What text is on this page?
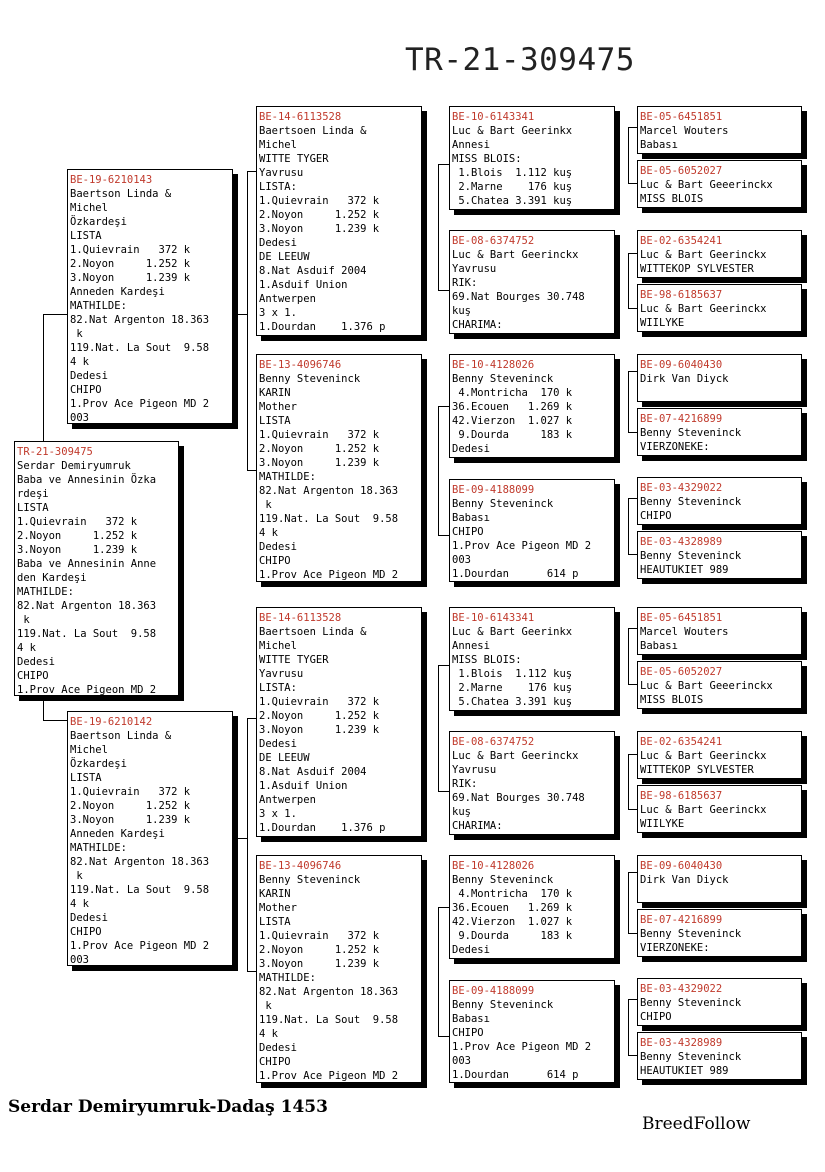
TR-21-309475
TR-21-309475
Serdar Demiryumruk
Baba ve Annesinin Özka
rdeşi
LISTA
1.Quievrain   372 k
2.Noyon     1.252 k
3.Noyon     1.239 k
Baba ve Annesinin Anne
den Kardeşi
MATHILDE:
82.Nat Argenton 18.363
k
119.Nat. La Sout  9.58
4 k
Dedesi
CHIPO
1.Prov Ace Pigeon MD 2
BE-19-6210143
Baertson Linda &
Michel
Özkardeşi
LISTA
1.Quievrain   372 k
2.Noyon     1.252 k
3.Noyon     1.239 k
Anneden Kardeşi
MATHILDE:
82.Nat Argenton 18.363
k
119.Nat. La Sout  9.58
4 k
Dedesi
CHIPO
1.Prov Ace Pigeon MD 2
003
BE-19-6210142
Baertson Linda &
Michel
Özkardeşi
LISTA
1.Quievrain   372 k
2.Noyon     1.252 k
3.Noyon     1.239 k
Anneden Kardeşi
MATHILDE:
82.Nat Argenton 18.363
k
119.Nat. La Sout  9.58
4 k
Dedesi
CHIPO
1.Prov Ace Pigeon MD 2
003
BE-14-6113528
Baertsoen Linda &
Michel
WITTE TYGER
Yavrusu
LISTA:
1.Quievrain   372 k
2.Noyon     1.252 k
3.Noyon     1.239 k
Dedesi
DE LEEUW
8.Nat Asduif 2004
1.Asduif Union
Antwerpen
3 x 1.
1.Dourdan    1.376 p
BE-13-4096746
Benny Steveninck
KARIN
Mother
LISTA
1.Quievrain   372 k
2.Noyon     1.252 k
3.Noyon     1.239 k
MATHILDE:
82.Nat Argenton 18.363
k
119.Nat. La Sout  9.58
4 k
Dedesi
CHIPO
1.Prov Ace Pigeon MD 2
BE-14-6113528
Baertsoen Linda &
Michel
WITTE TYGER
Yavrusu
LISTA:
1.Quievrain   372 k
2.Noyon     1.252 k
3.Noyon     1.239 k
Dedesi
DE LEEUW
8.Nat Asduif 2004
1.Asduif Union
Antwerpen
3 x 1.
1.Dourdan    1.376 p
BE-13-4096746
Benny Steveninck
KARIN
Mother
LISTA
1.Quievrain   372 k
2.Noyon     1.252 k
3.Noyon     1.239 k
MATHILDE:
82.Nat Argenton 18.363
k
119.Nat. La Sout  9.58
4 k
Dedesi
CHIPO
1.Prov Ace Pigeon MD 2
BE-10-6143341
Luc & Bart Geerinkx
Annesi
MISS BLOIS:
1.Blois  1.112 kuş
2.Marne    176 kuş
5.Chatea 3.391 kuş
BE-08-6374752
Luc & Bart Geerinckx
Yavrusu
RIK:
69.Nat Bourges 30.748
kuş
CHARIMA:
BE-10-4128026
Benny Steveninck
4.Montricha  170 k
36.Ecouen   1.269 k
42.Vierzon  1.027 k
9.Dourda     183 k
Dedesi
BE-09-4188099
Benny Steveninck
Babası
CHIPO
1.Prov Ace Pigeon MD 2
003
1.Dourdan      614 p
BE-10-6143341
Luc & Bart Geerinkx
Annesi
MISS BLOIS:
1.Blois  1.112 kuş
2.Marne    176 kuş
5.Chatea 3.391 kuş
BE-08-6374752
Luc & Bart Geerinckx
Yavrusu
RIK:
69.Nat Bourges 30.748
kuş
CHARIMA:
BE-10-4128026
Benny Steveninck
4.Montricha  170 k
36.Ecouen   1.269 k
42.Vierzon  1.027 k
9.Dourda     183 k
Dedesi
BE-09-4188099
Benny Steveninck
Babası
CHIPO
1.Prov Ace Pigeon MD 2
003
1.Dourdan      614 p
BE-05-6451851
Marcel Wouters
Babası
BE-05-6052027
Luc & Bart Geeerinckx
MISS BLOIS
BE-02-6354241
Luc & Bart Geerinckx
WITTEKOP SYLVESTER
BE-98-6185637
Luc & Bart Geerinckx
WIILYKE
BE-09-6040430
Dirk Van Diyck
BE-07-4216899
Benny Steveninck
VIERZONEKE:
BE-03-4329022
Benny Steveninck
CHIPO
BE-03-4328989
Benny Steveninck
HEAUTUKIET 989
BE-05-6451851
Marcel Wouters
Babası
BE-05-6052027
Luc & Bart Geeerinckx
MISS BLOIS
BE-02-6354241
Luc & Bart Geerinckx
WITTEKOP SYLVESTER
BE-98-6185637
Luc & Bart Geerinckx
WIILYKE
BE-09-6040430
Dirk Van Diyck
BE-07-4216899
Benny Steveninck
VIERZONEKE:
BE-03-4329022
Benny Steveninck
CHIPO
BE-03-4328989
Benny Steveninck
HEAUTUKIET 989
Serdar Demiryumruk-Dadaş 1453
BreedFollow
